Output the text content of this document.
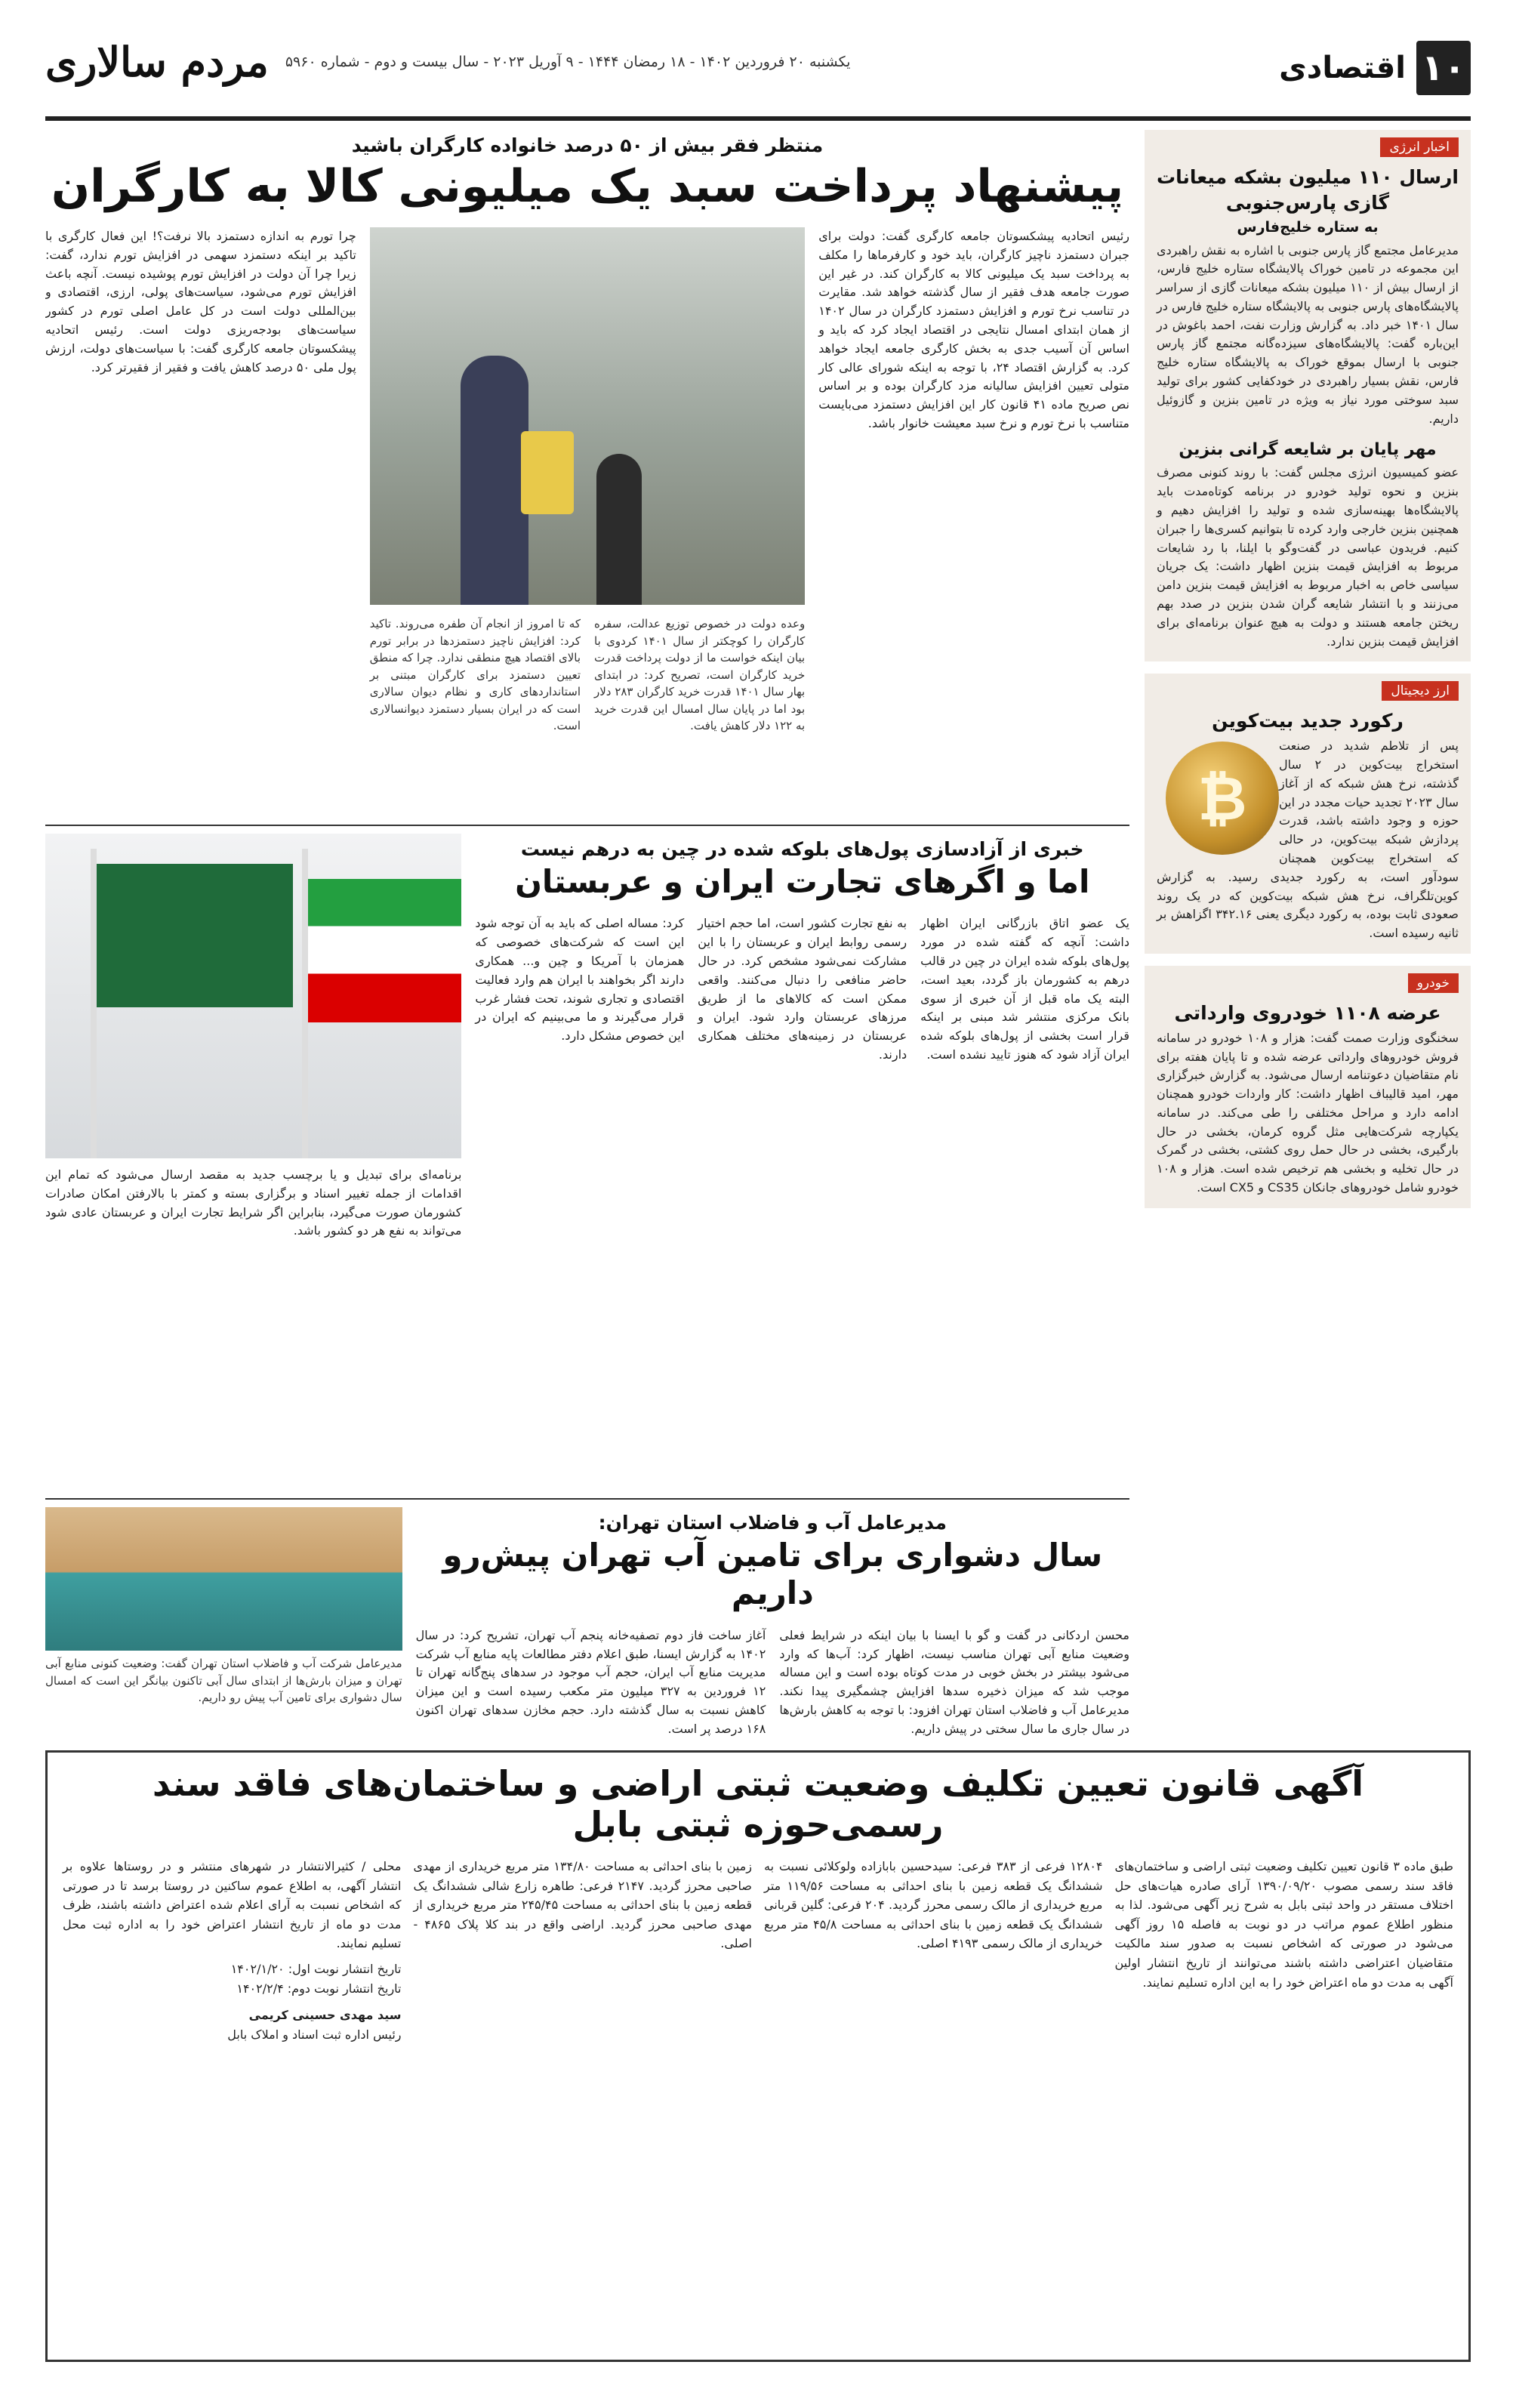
۱۰
اقتصادی
یکشنبه ۲۰ فروردین ۱۴۰۲ - ۱۸ رمضان ۱۴۴۴ - ۹ آوریل ۲۰۲۳ - سال بیست و دوم - شماره ۵۹۶۰
مردم سالاری
اخبار انرژی
ارسال ۱۱۰ میلیون بشکه میعانات گازی پارس‌جنوبی
به ستاره خلیج‌فارس
مدیرعامل مجتمع گاز پارس جنوبی با اشاره به نقش راهبردی این مجموعه در تامین خوراک پالایشگاه ستاره خلیج فارس، از ارسال بیش از ۱۱۰ میلیون بشکه میعانات گازی از سراسر پالایشگاه‌های پارس جنوبی به پالایشگاه ستاره خلیج فارس در سال ۱۴۰۱ خبر داد. به گزارش وزارت نفت، احمد باغوش در این‌باره گفت: پالایشگاه‌های سیزده‌گانه مجتمع گاز پارس جنوبی با ارسال بموقع خوراک به پالایشگاه ستاره خلیج فارس، نقش بسیار راهبردی در خودکفایی کشور برای تولید سبد سوختی مورد نیاز به ویژه در تامین بنزین و گازوئیل داریم.
مهر پایان بر شایعه گرانی بنزین
عضو کمیسیون انرژی مجلس گفت: با روند کنونی مصرف بنزین و نحوه تولید خودرو در برنامه کوتاه‌مدت باید پالایشگاه‌ها بهینه‌سازی شده و تولید را افزایش دهیم و همچنین بنزین خارجی وارد کرده تا بتوانیم کسری‌ها را جبران کنیم. فریدون عباسی در گفت‌وگو با ایلنا، با رد شایعات مربوط به افزایش قیمت بنزین اظهار داشت: یک جریان سیاسی خاص به اخبار مربوط به افزایش قیمت بنزین دامن می‌زنند و با انتشار شایعه گران شدن بنزین در صدد بهم ریختن جامعه هستند و دولت به هیچ عنوان برنامه‌ای برای افزایش قیمت بنزین ندارد.
ارز دیجیتال
رکورد جدید بیت‌کوین
₿
پس از تلاطم شدید در صنعت استخراج بیت‌کوین در ۲ سال گذشته، نرخ هش شبکه که از آغاز سال ۲۰۲۳ تجدید حیات مجدد در این حوزه و وجود داشته باشد، قدرت پردازش شبکه بیت‌کوین، در حالی که استخراج بیت‌کوین همچنان سودآور است، به رکورد جدیدی رسید. به گزارش کوین‌تلگراف، نرخ هش شبکه بیت‌کوین که در یک روند صعودی ثابت بوده، به رکورد دیگری یعنی ۳۴۲.۱۶ اگزاهش بر ثانیه رسیده است.
خودرو
عرضه ۱۱۰۸ خودروی وارداتی
سخنگوی وزارت صمت گفت: هزار و ۱۰۸ خودرو در سامانه فروش خودروهای وارداتی عرضه شده و تا پایان هفته برای نام متقاضیان دعوتنامه ارسال می‌شود. به گزارش خبرگزاری مهر، امید قالیباف اظهار داشت: کار واردات خودرو همچنان ادامه دارد و مراحل مختلفی را طی می‌کند. در سامانه یکپارچه شرکت‌هایی مثل گروه کرمان، بخشی در حال بارگیری، بخشی در حال حمل روی کشتی، بخشی در گمرک در حال تخلیه و بخشی هم ترخیص شده است. هزار و ۱۰۸ خودرو شامل خودروهای جانکان CS35 و CX5 است.
منتظر فقر بیش از ۵۰ درصد خانواده کارگران باشید
پیشنهاد پرداخت سبد یک میلیونی کالا به کارگران
رئیس اتحادیه پیشکسوتان جامعه کارگری گفت: دولت برای جبران دستمزد ناچیز کارگران، باید خود و کارفرماها را مکلف به پرداخت سبد یک میلیونی کالا به کارگران کند. در غیر این صورت جامعه هدف فقیر از سال گذشته خواهد شد. مقایرت در تناسب نرخ تورم و افزایش دستمزد کارگران در سال ۱۴۰۲ از همان ابتدای امسال نتایجی در اقتصاد ایجاد کرد که باید و اساس آن آسیب جدی به بخش کارگری جامعه ایجاد خواهد کرد. به گزارش اقتصاد ۲۴، با توجه به اینکه شورای عالی کار متولی تعیین افزایش سالیانه مزد کارگران بوده و بر اساس نص صریح ماده ۴۱ قانون کار این افزایش دستمزد می‌بایست متناسب با نرخ تورم و نرخ سبد معیشت خانوار باشد.
وعده دولت در خصوص توزیع عدالت، سفره کارگران را کوچکتر از سال ۱۴۰۱ کردوی با بیان اینکه خواست ما از دولت پرداخت قدرت خرید کارگران است، تصریح کرد: در ابتدای بهار سال ۱۴۰۱ قدرت خرید کارگران ۲۸۳ دلار بود اما در پایان سال امسال این قدرت خرید به ۱۲۲ دلار کاهش یافت.
که تا امروز از انجام آن طفره می‌روند. تاکید کرد: افزایش ناچیز دستمزدها در برابر تورم بالای اقتصاد هیچ منطقی ندارد. چرا که منطق تعیین دستمزد برای کارگران مبتنی بر استانداردهای کاری و نظام دیوان سالاری است که در ایران بسیار دستمزد دیوانسالاری است.
چرا تورم به اندازه دستمزد بالا نرفت؟! این فعال کارگری با تاکید بر اینکه دستمزد سهمی در افزایش تورم ندارد، گفت: زیرا چرا آن دولت در افزایش تورم پوشیده نیست. آنچه باعث افزایش تورم می‌شود، سیاست‌های پولی، ارزی، اقتصادی و بین‌المللی دولت است در کل عامل اصلی تورم در کشور سیاست‌های بودجه‌ریزی دولت است. رئیس اتحادیه پیشکسوتان جامعه کارگری گفت: با سیاست‌های دولت، ارزش پول ملی ۵۰ درصد کاهش یافت و فقیر از فقیرتر کرد.
خبری از آزادسازی پول‌های بلوکه شده در چین به درهم نیست
اما و اگرهای تجارت ایران و عربستان
یک عضو اتاق بازرگانی ایران اظهار داشت: آنچه که گفته شده در مورد پول‌های بلوکه شده ایران در چین در قالب درهم به کشورمان باز گردد، بعید است، البته یک ماه قبل از آن خبری از سوی بانک مرکزی منتشر شد مبنی بر اینکه قرار است بخشی از پول‌های بلوکه شده ایران آزاد شود که هنوز تایید نشده است.
به نفع تجارت کشور است، اما حجم اختیار رسمی روابط ایران و عربستان را با این مشارکت نمی‌شود مشخص کرد. در حال حاضر منافعی را دنبال می‌کنند. واقعی ممکن است که کالاهای ما از طریق مرزهای عربستان وارد شود. ایران و عربستان در زمینه‌های مختلف همکاری دارند.
کرد: مساله اصلی که باید به آن توجه شود این است که شرکت‌های خصوصی که همزمان با آمریکا و چین و... همکاری دارند اگر بخواهند با ایران هم وارد فعالیت اقتصادی و تجاری شوند، تحت فشار غرب قرار می‌گیرند و ما می‌بینیم که ایران در این خصوص مشکل دارد.
برنامه‌ای برای تبدیل و یا برچسب جدید به مقصد ارسال می‌شود که تمام این اقدامات از جمله تغییر اسناد و برگزاری بسته و کمتر با بالارفتن امکان صادرات کشورمان صورت می‌گیرد، بنابراین اگر شرایط تجارت ایران و عربستان عادی شود می‌تواند به نفع هر دو کشور باشد.
مدیرعامل آب و فاضلاب استان تهران:
سال دشواری برای تامین آب تهران پیش‌رو داریم
محسن اردکانی در گفت و گو با ایسنا با بیان اینکه در شرایط فعلی وضعیت منابع آبی تهران مناسب نیست، اظهار کرد: آب‌ها که وارد می‌شود بیشتر در بخش خوبی در مدت کوتاه بوده است و این مساله موجب شد که میزان ذخیره سدها افزایش چشمگیری پیدا نکند. مدیرعامل آب و فاضلاب استان تهران افزود: با توجه به کاهش بارش‌ها در سال جاری ما سال سختی در پیش داریم.
آغاز ساخت فاز دوم تصفیه‌خانه پنجم آب تهران، تشریح کرد: در سال ۱۴۰۲ به گزارش ایسنا، طبق اعلام دفتر مطالعات پایه منابع آب شرکت مدیریت منابع آب ایران، حجم آب موجود در سدهای پنج‌گانه تهران تا ۱۲ فروردین به ۳۲۷ میلیون متر مکعب رسیده است و این میزان کاهش نسبت به سال گذشته دارد. حجم مخازن سدهای تهران اکنون ۱۶۸ درصد پر است.
مدیرعامل شرکت آب و فاضلاب استان تهران گفت: وضعیت کنونی منابع آبی تهران و میزان بارش‌ها از ابتدای سال آبی تاکنون بیانگر این است که امسال سال دشواری برای تامین آب پیش رو داریم.
آگهی قانون تعیین تکلیف وضعیت ثبتی اراضی و ساختمان‌های فاقد سند رسمی‌حوزه ثبتی بابل
طبق ماده ۳ قانون تعیین تکلیف وضعیت ثبتی اراضی و ساختمان‌های فاقد سند رسمی مصوب ۱۳۹۰/۰۹/۲۰ آرای صادره هیات‌های حل اختلاف مستقر در واحد ثبتی بابل به شرح زیر آگهی می‌شود. لذا به منظور اطلاع عموم مراتب در دو نوبت به فاصله ۱۵ روز آگهی می‌شود در صورتی که اشخاص نسبت به صدور سند مالکیت متقاضیان اعتراضی داشته باشند می‌توانند از تاریخ انتشار اولین آگهی به مدت دو ماه اعتراض خود را به این اداره تسلیم نمایند.
۱۲۸۰۴ فرعی از ۳۸۳ فرعی: سیدحسین بابازاده ولوکلائی نسبت به ششدانگ یک قطعه زمین با بنای احداثی به مساحت ۱۱۹/۵۶ متر مربع خریداری از مالک رسمی محرز گردید. ۲۰۴ فرعی: گلین قربانی ششدانگ یک قطعه زمین با بنای احداثی به مساحت ۴۵/۸ متر مربع خریداری از مالک رسمی ۴۱۹۳ اصلی.
زمین با بنای احداثی به مساحت ۱۳۴/۸۰ متر مربع خریداری از مهدی صاحبی محرز گردید. ۲۱۴۷ فرعی: طاهره زارع شالی ششدانگ یک قطعه زمین با بنای احداثی به مساحت ۲۴۵/۴۵ متر مربع خریداری از مهدی صاحبی محرز گردید. اراضی واقع در بند کلا پلاک ۴۸۶۵ - اصلی.
محلی / کثیرالانتشار در شهرهای منتشر و در روستاها علاوه بر انتشار آگهی، به اطلاع عموم ساکنین در روستا برسد تا در صورتی که اشخاص نسبت به آرای اعلام شده اعتراض داشته باشند، ظرف مدت دو ماه از تاریخ انتشار اعتراض خود را به اداره ثبت محل تسلیم نمایند.
تاریخ انتشار نوبت اول: ۱۴۰۲/۱/۲۰
تاریخ انتشار نوبت دوم: ۱۴۰۲/۲/۴
سید مهدی حسینی کریمی
رئیس اداره ثبت اسناد و املاک بابل
